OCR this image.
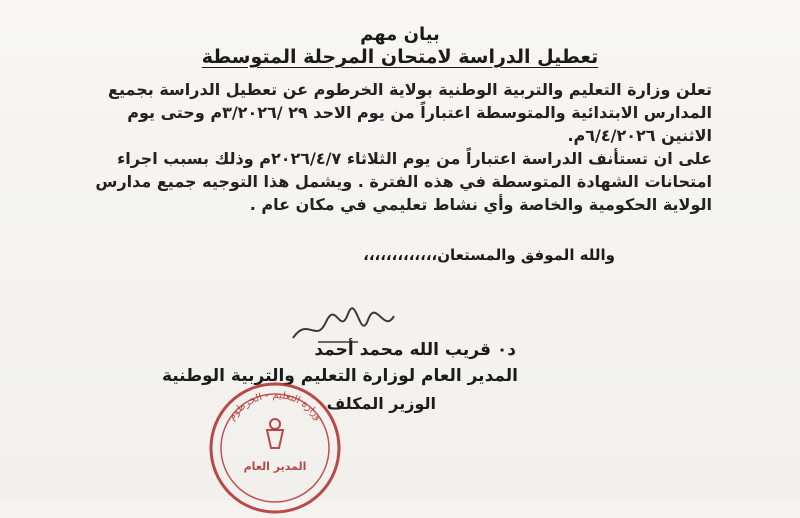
بيان مهم
تعطيل الدراسة لامتحان المرحلة المتوسطة
تعلن وزارة التعليم والتربية الوطنية بولاية الخرطوم عن تعطيل الدراسة بجميع المدارس الابتدائية والمتوسطة اعتباراً من يوم الاحد ٢٩ /٣/٢٠٢٦م وحتى يوم الاثنين ٦/٤/٢٠٢٦م.
على ان تستأنف الدراسة اعتباراً من يوم الثلاثاء ٢٠٢٦/٤/٧م وذلك بسبب اجراء امتحانات الشهادة المتوسطة في هذه الفترة . ويشمل هذا التوجيه جميع مدارس الولاية الحكومية والخاصة وأي نشاط تعليمي في مكان عام .
والله الموفق والمستعان،،،،،،،،،،،،،
د٠ قريب الله محمد أحمد
المدير العام لوزارة التعليم والتربية الوطنية
الوزير المكلف
وزارة التعليم - الخرطوم
المدير العام
